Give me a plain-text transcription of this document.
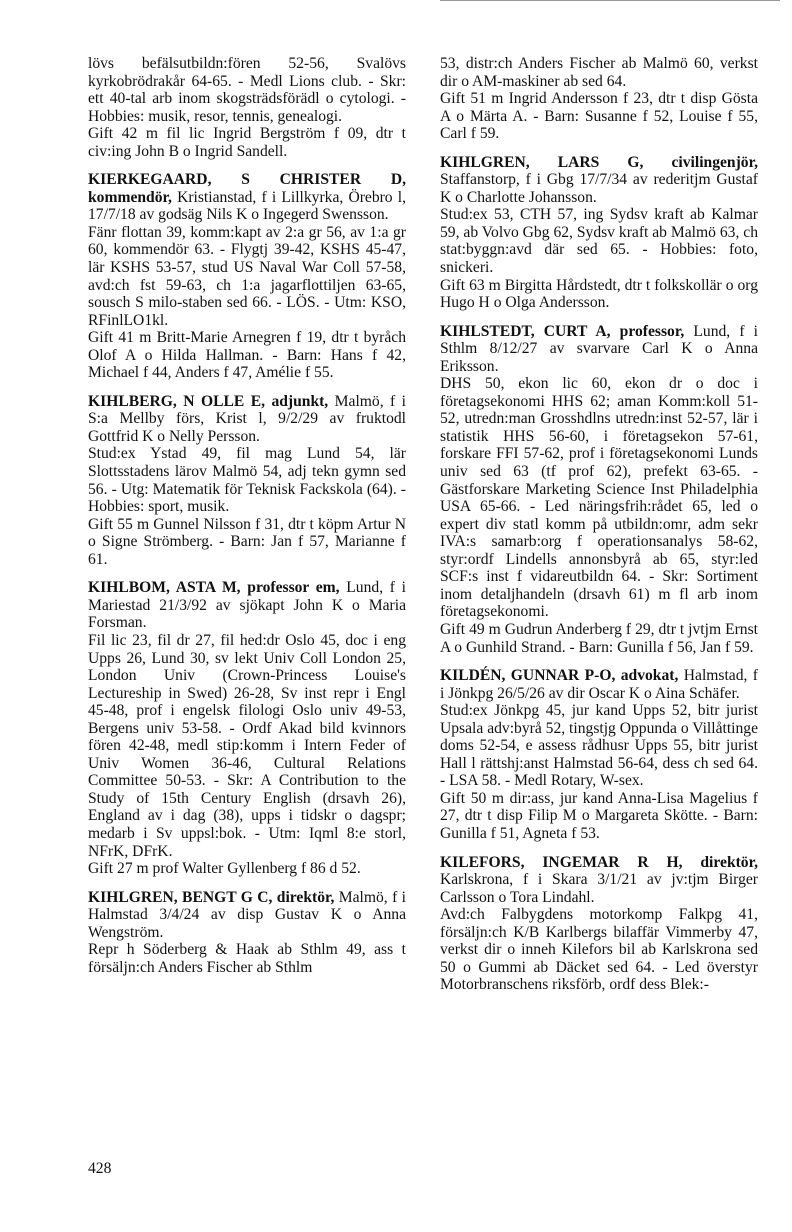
lövs befälsutbildn:fören 52-56, Svalövs kyrkobrödrakår 64-65. - Medl Lions club. - Skr: ett 40-tal arb inom skogsträdsförädl o cytologi. - Hobbies: musik, resor, tennis, genealogi.

Gift 42 m fil lic Ingrid Bergström f 09, dtr t civ:ing John B o Ingrid Sandell.

KIERKEGAARD, S CHRISTER D, kommendör, Kristianstad, f i Lillkyrka, Örebro l, 17/7/18 av godsäg Nils K o Ingegerd Swensson.

Fänr flottan 39, komm:kapt av 2:a gr 56, av 1:a gr 60, kommendör 63. - Flygtj 39-42, KSHS 45-47, lär KSHS 53-57, stud US Naval War Coll 57-58, avd:ch fst 59-63, ch 1:a jagarflottiljen 63-65, sousch S milo-staben sed 66. - LÖS. - Utm: KSO, RFinlLO1kl.

Gift 41 m Britt-Marie Arnegren f 19, dtr t byråch Olof A o Hilda Hallman. - Barn: Hans f 42, Michael f 44, Anders f 47, Amélie f 55.

KIHLBERG, N OLLE E, adjunkt, Malmö, f i S:a Mellby förs, Krist l, 9/2/29 av fruktodl Gottfrid K o Nelly Persson.

Stud:ex Ystad 49, fil mag Lund 54, lär Slottsstadens lärov Malmö 54, adj tekn gymn sed 56. - Utg: Matematik för Teknisk Fackskola (64). - Hobbies: sport, musik.

Gift 55 m Gunnel Nilsson f 31, dtr t köpm Artur N o Signe Strömberg. - Barn: Jan f 57, Marianne f 61.

KIHLBOM, ASTA M, professor em, Lund, f i Mariestad 21/3/92 av sjökapt John K o Maria Forsman.

Fil lic 23, fil dr 27, fil hed:dr Oslo 45, doc i eng Upps 26, Lund 30, sv lekt Univ Coll London 25, London Univ (Crown-Princess Louise's Lectureship in Swed) 26-28, Sv inst repr i Engl 45-48, prof i engelsk filologi Oslo univ 49-53, Bergens univ 53-58. - Ordf Akad bild kvinnors fören 42-48, medl stip:komm i Intern Feder of Univ Women 36-46, Cultural Relations Committee 50-53. - Skr: A Contribution to the Study of 15th Century English (drsavh 26), England av i dag (38), upps i tidskr o dagspr; medarb i Sv uppsl:bok. - Utm: Iqml 8:e storl, NFrK, DFrK.

Gift 27 m prof Walter Gyllenberg f 86 d 52.

KIHLGREN, BENGT G C, direktör, Malmö, f i Halmstad 3/4/24 av disp Gustav K o Anna Wengström.

Repr h Söderberg & Haak ab Sthlm 49, ass t försäljn:ch Anders Fischer ab Sthlm

53, distr:ch Anders Fischer ab Malmö 60, verkst dir o AM-maskiner ab sed 64.

Gift 51 m Ingrid Andersson f 23, dtr t disp Gösta A o Märta A. - Barn: Susanne f 52, Louise f 55, Carl f 59.

KIHLGREN, LARS G, civilingenjör, Staffanstorp, f i Gbg 17/7/34 av rederitjm Gustaf K o Charlotte Johansson.

Stud:ex 53, CTH 57, ing Sydsv kraft ab Kalmar 59, ab Volvo Gbg 62, Sydsv kraft ab Malmö 63, ch stat:byggn:avd där sed 65. - Hobbies: foto, snickeri.

Gift 63 m Birgitta Hårdstedt, dtr t folkskollär o org Hugo H o Olga Andersson.

KIHLSTEDT, CURT A, professor, Lund, f i Sthlm 8/12/27 av svarvare Carl K o Anna Eriksson.

DHS 50, ekon lic 60, ekon dr o doc i företagsekonomi HHS 62; aman Komm:koll 51-52, utredn:man Grosshdlns utredn:inst 52-57, lär i statistik HHS 56-60, i företagsekon 57-61, forskare FFI 57-62, prof i företagsekonomi Lunds univ sed 63 (tf prof 62), prefekt 63-65. - Gästforskare Marketing Science Inst Philadelphia USA 65-66. - Led näringsfrih:rådet 65, led o expert div statl komm på utbildn:omr, adm sekr IVA:s samarb:org f operationsanalys 58-62, styr:ordf Lindells annonsbyrå ab 65, styr:led SCF:s inst f vidareutbildn 64. - Skr: Sortiment inom detaljhandeln (drsavh 61) m fl arb inom företagsekonomi.

Gift 49 m Gudrun Anderberg f 29, dtr t jvtjm Ernst A o Gunhild Strand. - Barn: Gunilla f 56, Jan f 59.

KILDÉN, GUNNAR P-O, advokat, Halmstad, f i Jönkpg 26/5/26 av dir Oscar K o Aina Schäfer.

Stud:ex Jönkpg 45, jur kand Upps 52, bitr jurist Upsala adv:byrå 52, tingstjg Oppunda o Villåttinge doms 52-54, e assess rådhusr Upps 55, bitr jurist Hall l rättshj:anst Halmstad 56-64, dess ch sed 64. - LSA 58. - Medl Rotary, W-sex.

Gift 50 m dir:ass, jur kand Anna-Lisa Magelius f 27, dtr t disp Filip M o Margareta Skötte. - Barn: Gunilla f 51, Agneta f 53.

KILEFORS, INGEMAR R H, direktör, Karlskrona, f i Skara 3/1/21 av jv:tjm Birger Carlsson o Tora Lindahl.

Avd:ch Falbygdens motorkomp Falkpg 41, försäljn:ch K/B Karlbergs bilaffär Vimmerby 47, verkst dir o inneh Kilefors bil ab Karlskrona sed 50 o Gummi ab Däcket sed 64. - Led överstyr Motorbranschens riksförb, ordf dess Blek:-

428
